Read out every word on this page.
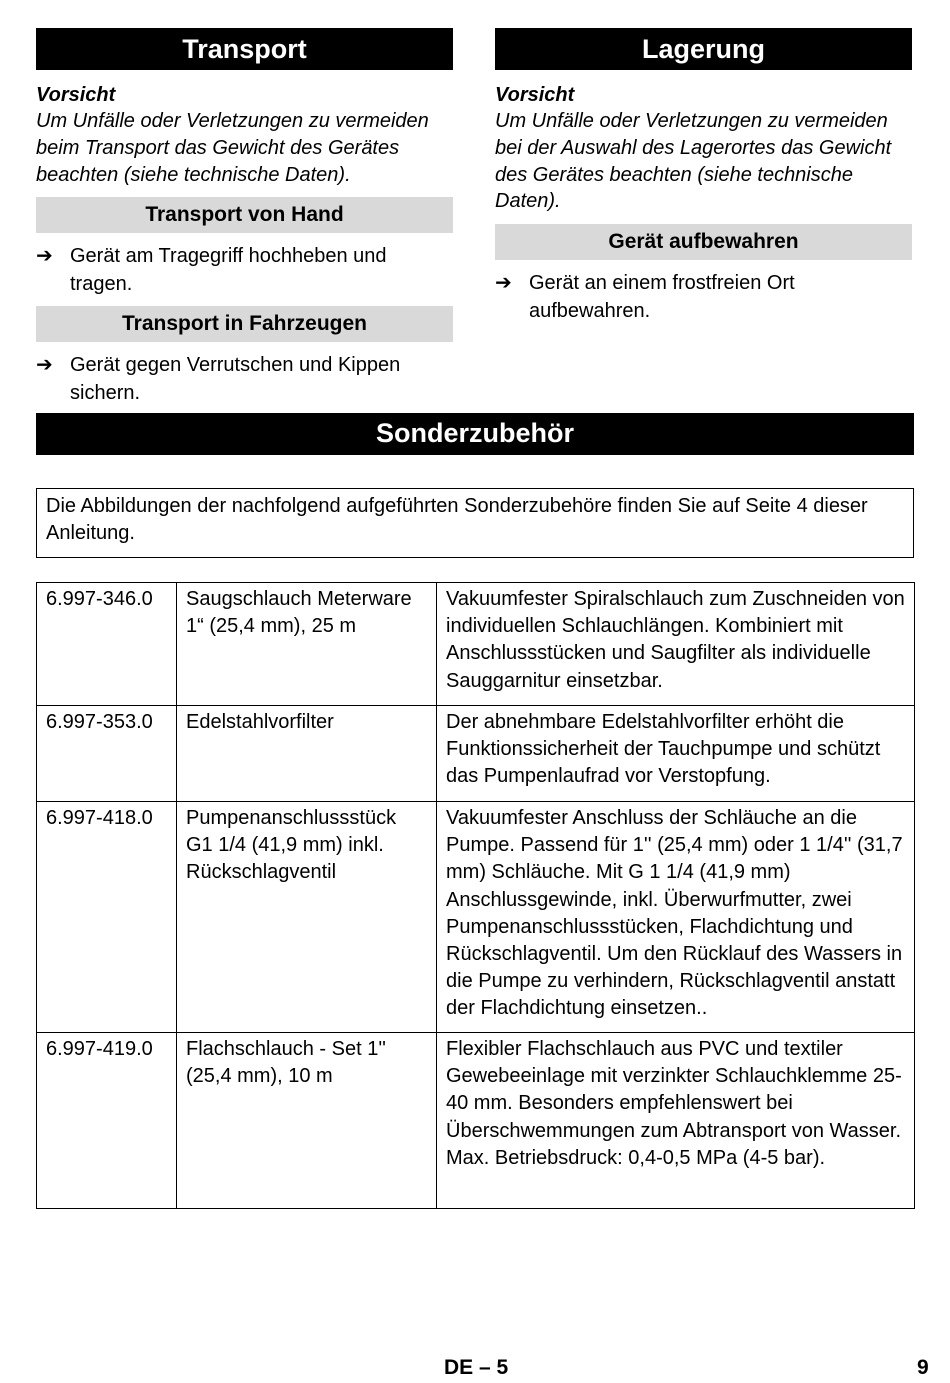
Transport
Vorsicht
Um Unfälle oder Verletzungen zu vermeiden beim Transport das Gewicht des Gerätes beachten (siehe technische Daten).
Transport von Hand
➔ Gerät am Tragegriff hochheben und tragen.
Transport in Fahrzeugen
➔ Gerät gegen Verrutschen und Kippen sichern.
Lagerung
Vorsicht
Um Unfälle oder Verletzungen zu vermeiden bei der Auswahl des Lagerortes das Gewicht des Gerätes beachten (siehe technische Daten).
Gerät aufbewahren
➔ Gerät an einem frostfreien Ort aufbewahren.
Sonderzubehör
Die Abbildungen der nachfolgend aufgeführten Sonderzubehöre finden Sie auf Seite 4 dieser Anleitung.
6.997-346.0	Saugschlauch Meterware 1“ (25,4 mm), 25 m	Vakuumfester Spiralschlauch zum Zuschneiden von individuellen Schlauchlängen. Kombiniert mit Anschlussstücken und Saugfilter als individuelle Sauggarnitur einsetzbar.
6.997-353.0	Edelstahlvorfilter	Der abnehmbare Edelstahlvorfilter erhöht die Funktionssicherheit der Tauchpumpe und schützt das Pumpenlaufrad vor Verstopfung.
6.997-418.0	Pumpenanschlussstück G1 1/4 (41,9 mm) inkl. Rückschlagventil	Vakuumfester Anschluss der Schläuche an die Pumpe. Passend für 1'' (25,4 mm) oder 1 1/4'' (31,7 mm) Schläuche. Mit G 1 1/4 (41,9 mm) Anschlussgewinde, inkl. Überwurfmutter, zwei Pumpenanschlussstücken, Flachdichtung und Rückschlagventil. Um den Rücklauf des Wassers in die Pumpe zu verhindern, Rückschlagventil anstatt der Flachdichtung einsetzen..
6.997-419.0	Flachschlauch - Set 1'' (25,4 mm), 10 m	Flexibler Flachschlauch aus PVC und textiler Gewebeeinlage mit verzinkter Schlauchklemme 25-40 mm. Besonders empfehlenswert bei Überschwemmungen zum Abtransport von Wasser. Max. Betriebsdruck: 0,4-0,5 MPa (4-5 bar).
DE – 5	9
